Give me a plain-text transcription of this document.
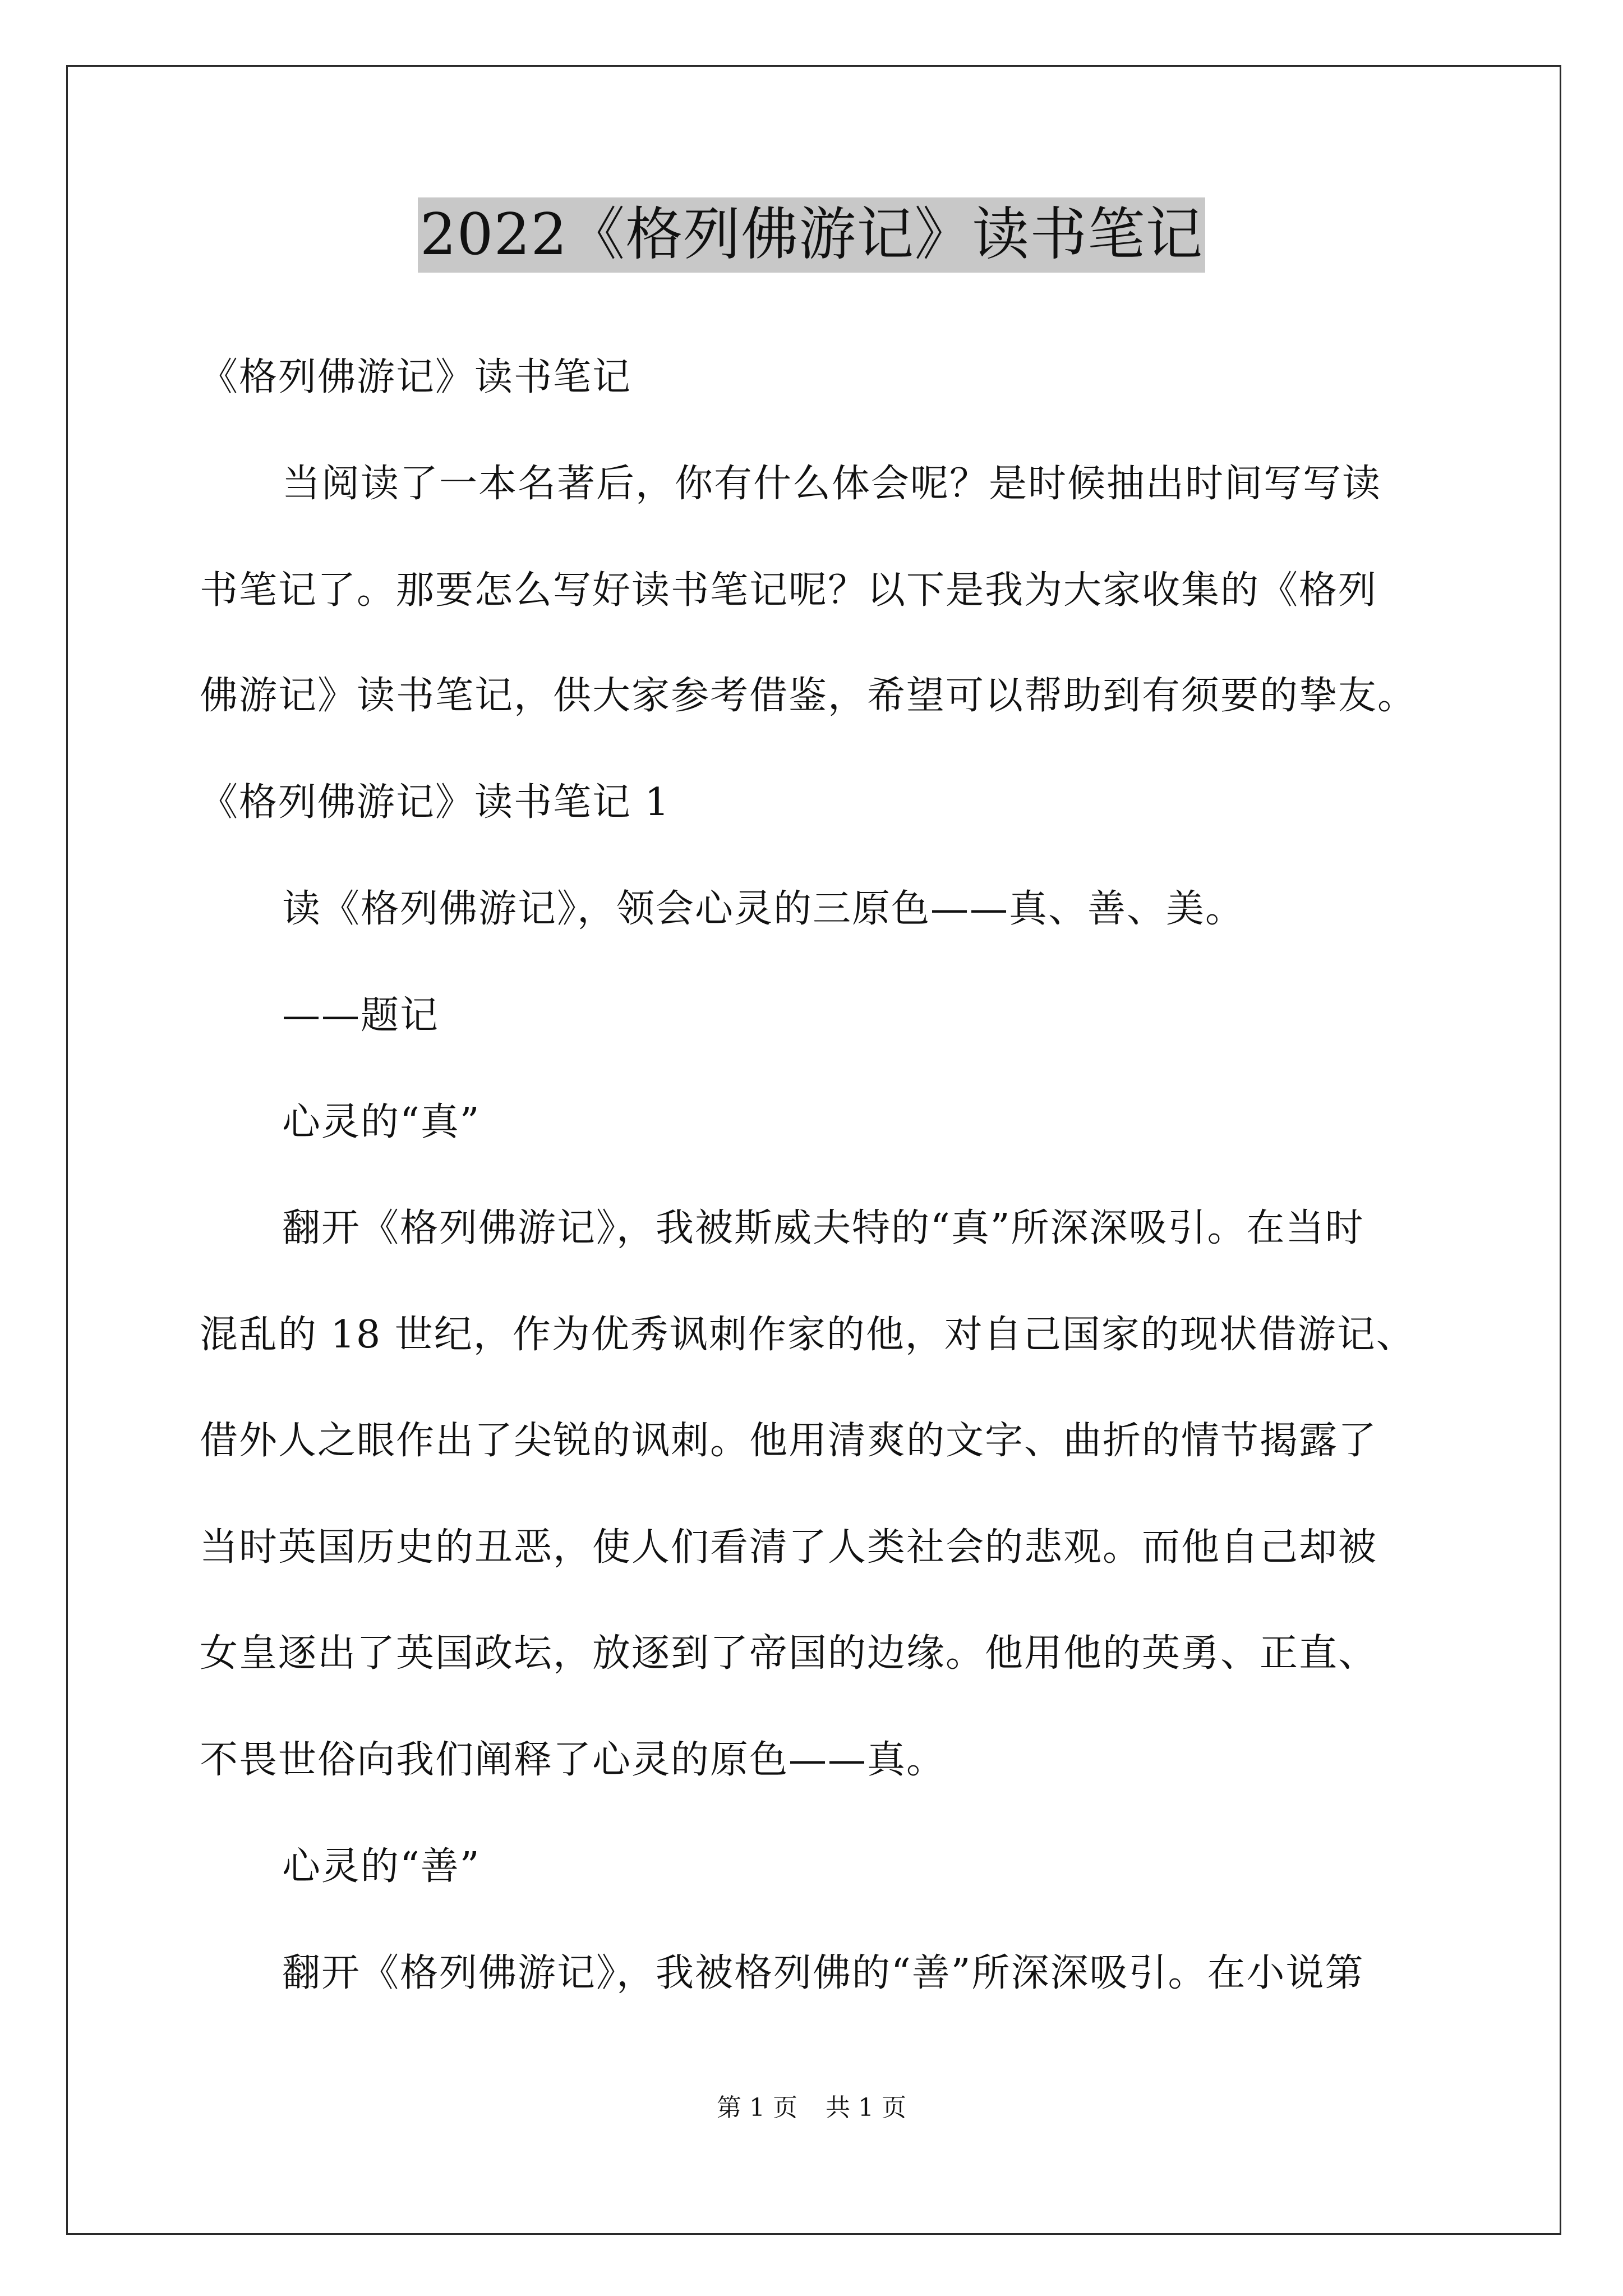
2022《格列佛游记》读书笔记
《格列佛游记》读书笔记
当阅读了一本名著后，你有什么体会呢？是时候抽出时间写写读
书笔记了。那要怎么写好读书笔记呢？以下是我为大家收集的《格列
佛游记》读书笔记，供大家参考借鉴，希望可以帮助到有须要的挚友。
《格列佛游记》读书笔记 1
读《格列佛游记》，领会心灵的三原色——真、善、美。
——题记
心灵的“真”
翻开《格列佛游记》，我被斯威夫特的“真”所深深吸引。在当时
混乱的 18 世纪，作为优秀讽刺作家的他，对自己国家的现状借游记、
借外人之眼作出了尖锐的讽刺。他用清爽的文字、曲折的情节揭露了
当时英国历史的丑恶，使人们看清了人类社会的悲观。而他自己却被
女皇逐出了英国政坛，放逐到了帝国的边缘。他用他的英勇、正直、
不畏世俗向我们阐释了心灵的原色——真。
心灵的“善”
翻开《格列佛游记》，我被格列佛的“善”所深深吸引。在小说第
第 1 页 共 1 页
